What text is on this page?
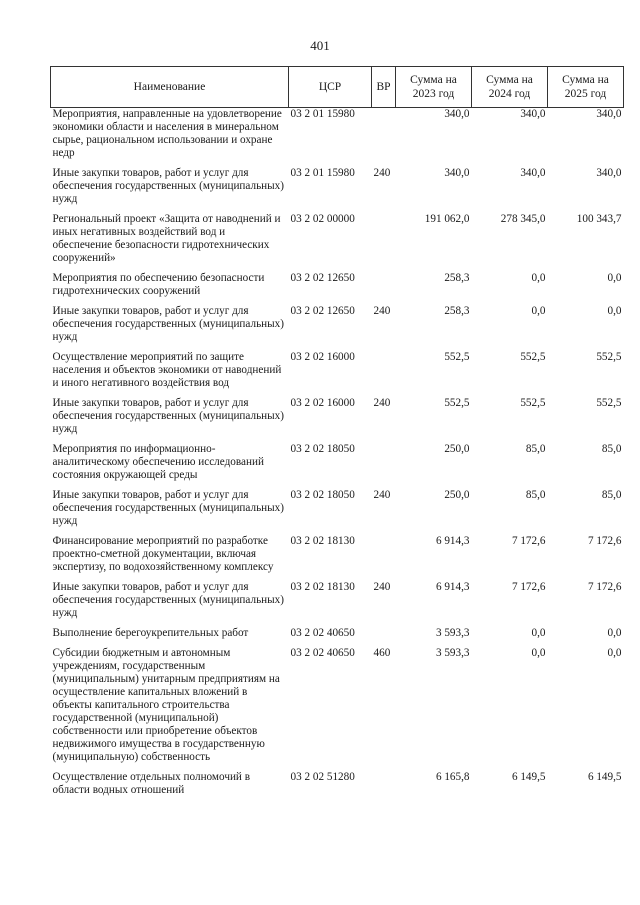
401
Наименование	ЦСР	ВР	Сумма на 2023 год	Сумма на 2024 год	Сумма на 2025 год
Мероприятия, направленные на удовлетворение экономики области и населения в минеральном сырье, рациональном использовании и охране недр	03 2 01 15980		340,0	340,0	340,0
Иные закупки товаров, работ и услуг для обеспечения государственных (муниципальных) нужд	03 2 01 15980	240	340,0	340,0	340,0
Региональный проект «Защита от наводнений и иных негативных воздействий вод и обеспечение безопасности гидротехнических сооружений»	03 2 02 00000		191 062,0	278 345,0	100 343,7
Мероприятия по обеспечению безопасности гидротехнических сооружений	03 2 02 12650		258,3	0,0	0,0
Иные закупки товаров, работ и услуг для обеспечения государственных (муниципальных) нужд	03 2 02 12650	240	258,3	0,0	0,0
Осуществление мероприятий по защите населения и объектов экономики от наводнений и иного негативного воздействия вод	03 2 02 16000		552,5	552,5	552,5
Иные закупки товаров, работ и услуг для обеспечения государственных (муниципальных) нужд	03 2 02 16000	240	552,5	552,5	552,5
Мероприятия по информационно-аналитическому обеспечению исследований состояния окружающей среды	03 2 02 18050		250,0	85,0	85,0
Иные закупки товаров, работ и услуг для обеспечения государственных (муниципальных) нужд	03 2 02 18050	240	250,0	85,0	85,0
Финансирование мероприятий по разработке проектно-сметной документации, включая экспертизу, по водохозяйственному комплексу	03 2 02 18130		6 914,3	7 172,6	7 172,6
Иные закупки товаров, работ и услуг для обеспечения государственных (муниципальных) нужд	03 2 02 18130	240	6 914,3	7 172,6	7 172,6
Выполнение берегоукрепительных работ	03 2 02 40650		3 593,3	0,0	0,0
Субсидии бюджетным и автономным учреждениям, государственным (муниципальным) унитарным предприятиям на осуществление капитальных вложений в объекты капитального строительства государственной (муниципальной) собственности или приобретение объектов недвижимого имущества в государственную (муниципальную) собственность	03 2 02 40650	460	3 593,3	0,0	0,0
Осуществление отдельных полномочий в области водных отношений	03 2 02 51280		6 165,8	6 149,5	6 149,5
